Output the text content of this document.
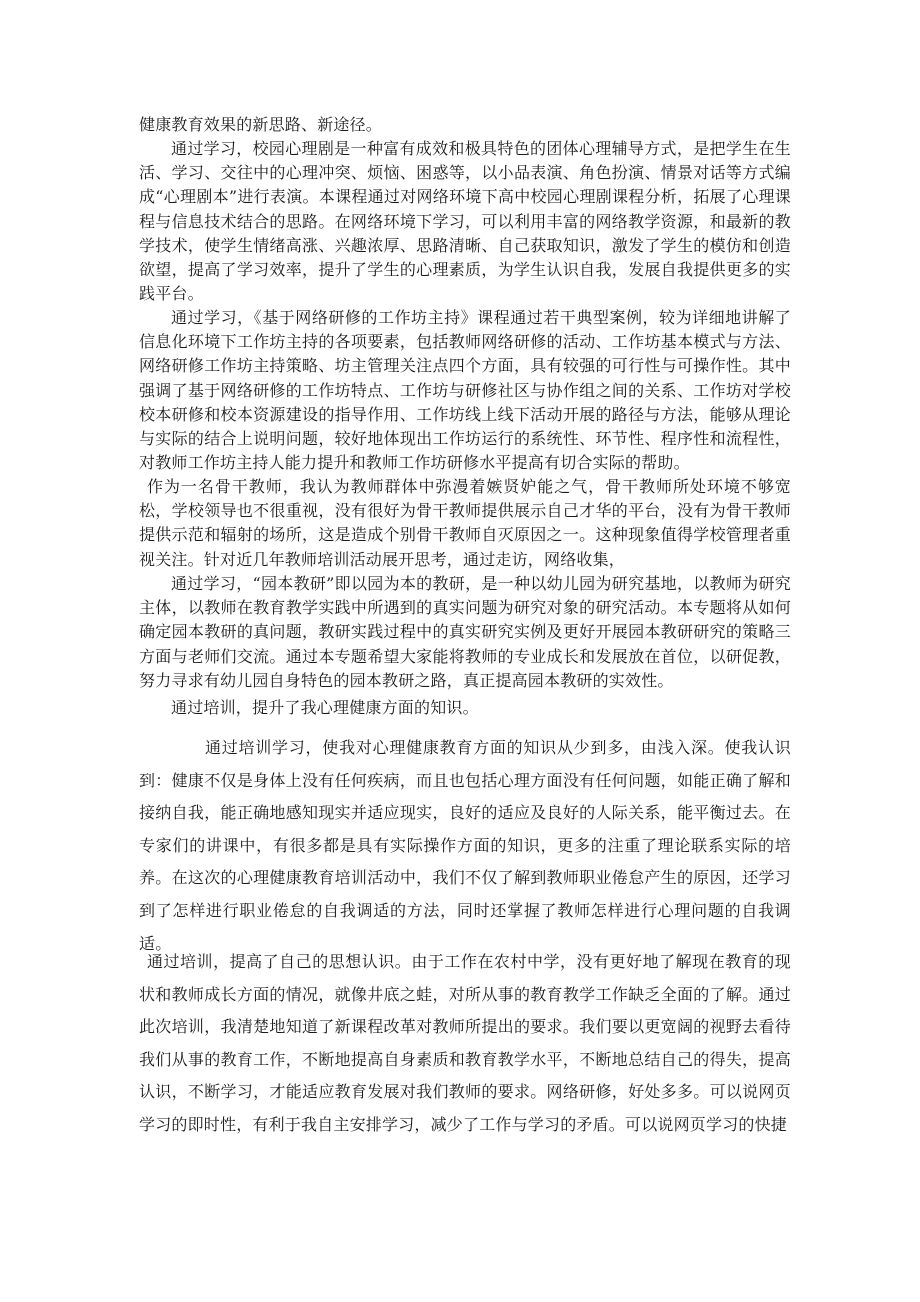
健康教育效果的新思路、新途径。

通过学习，校园心理剧是一种富有成效和极具特色的团体心理辅导方式，是把学生在生活、学习、交往中的心理冲突、烦恼、困惑等，以小品表演、角色扮演、情景对话等方式编成“心理剧本”进行表演。本课程通过对网络环境下高中校园心理剧课程分析，拓展了心理课程与信息技术结合的思路。在网络环境下学习，可以利用丰富的网络教学资源，和最新的教学技术，使学生情绪高涨、兴趣浓厚、思路清晰、自己获取知识，激发了学生的模仿和创造欲望，提高了学习效率，提升了学生的心理素质，为学生认识自我，发展自我提供更多的实践平台。

通过学习，《基于网络研修的工作坊主持》课程通过若干典型案例，较为详细地讲解了信息化环境下工作坊主持的各项要素，包括教师网络研修的活动、工作坊基本模式与方法、网络研修工作坊主持策略、坊主管理关注点四个方面，具有较强的可行性与可操作性。其中强调了基于网络研修的工作坊特点、工作坊与研修社区与协作组之间的关系、工作坊对学校校本研修和校本资源建设的指导作用、工作坊线上线下活动开展的路径与方法，能够从理论与实际的结合上说明问题，较好地体现出工作坊运行的系统性、环节性、程序性和流程性，对教师工作坊主持人能力提升和教师工作坊研修水平提高有切合实际的帮助。

作为一名骨干教师，我认为教师群体中弥漫着嫉贤妒能之气，骨干教师所处环境不够宽松，学校领导也不很重视，没有很好为骨干教师提供展示自己才华的平台，没有为骨干教师提供示范和辐射的场所，这是造成个别骨干教师自灭原因之一。这种现象值得学校管理者重视关注。针对近几年教师培训活动展开思考，通过走访，网络收集，

通过学习，“园本教研”即以园为本的教研，是一种以幼儿园为研究基地，以教师为研究主体，以教师在教育教学实践中所遇到的真实问题为研究对象的研究活动。本专题将从如何确定园本教研的真问题，教研实践过程中的真实研究实例及更好开展园本教研研究的策略三方面与老师们交流。通过本专题希望大家能将教师的专业成长和发展放在首位，以研促教，努力寻求有幼儿园自身特色的园本教研之路，真正提高园本教研的实效性。

通过培训，提升了我心理健康方面的知识。

通过培训学习，使我对心理健康教育方面的知识从少到多，由浅入深。使我认识到：健康不仅是身体上没有任何疾病，而且也包括心理方面没有任何问题，如能正确了解和接纳自我，能正确地感知现实并适应现实，良好的适应及良好的人际关系，能平衡过去。在专家们的讲课中，有很多都是具有实际操作方面的知识，更多的注重了理论联系实际的培养。在这次的心理健康教育培训活动中，我们不仅了解到教师职业倦怠产生的原因，还学习到了怎样进行职业倦怠的自我调适的方法，同时还掌握了教师怎样进行心理问题的自我调适。

通过培训，提高了自己的思想认识。由于工作在农村中学，没有更好地了解现在教育的现状和教师成长方面的情况，就像井底之蛙，对所从事的教育教学工作缺乏全面的了解。通过此次培训，我清楚地知道了新课程改革对教师所提出的要求。我们要以更宽阔的视野去看待我们从事的教育工作，不断地提高自身素质和教育教学水平，不断地总结自己的得失，提高认识，不断学习，才能适应教育发展对我们教师的要求。网络研修，好处多多。可以说网页学习的即时性，有利于我自主安排学习，减少了工作与学习的矛盾。可以说网页学习的快捷
